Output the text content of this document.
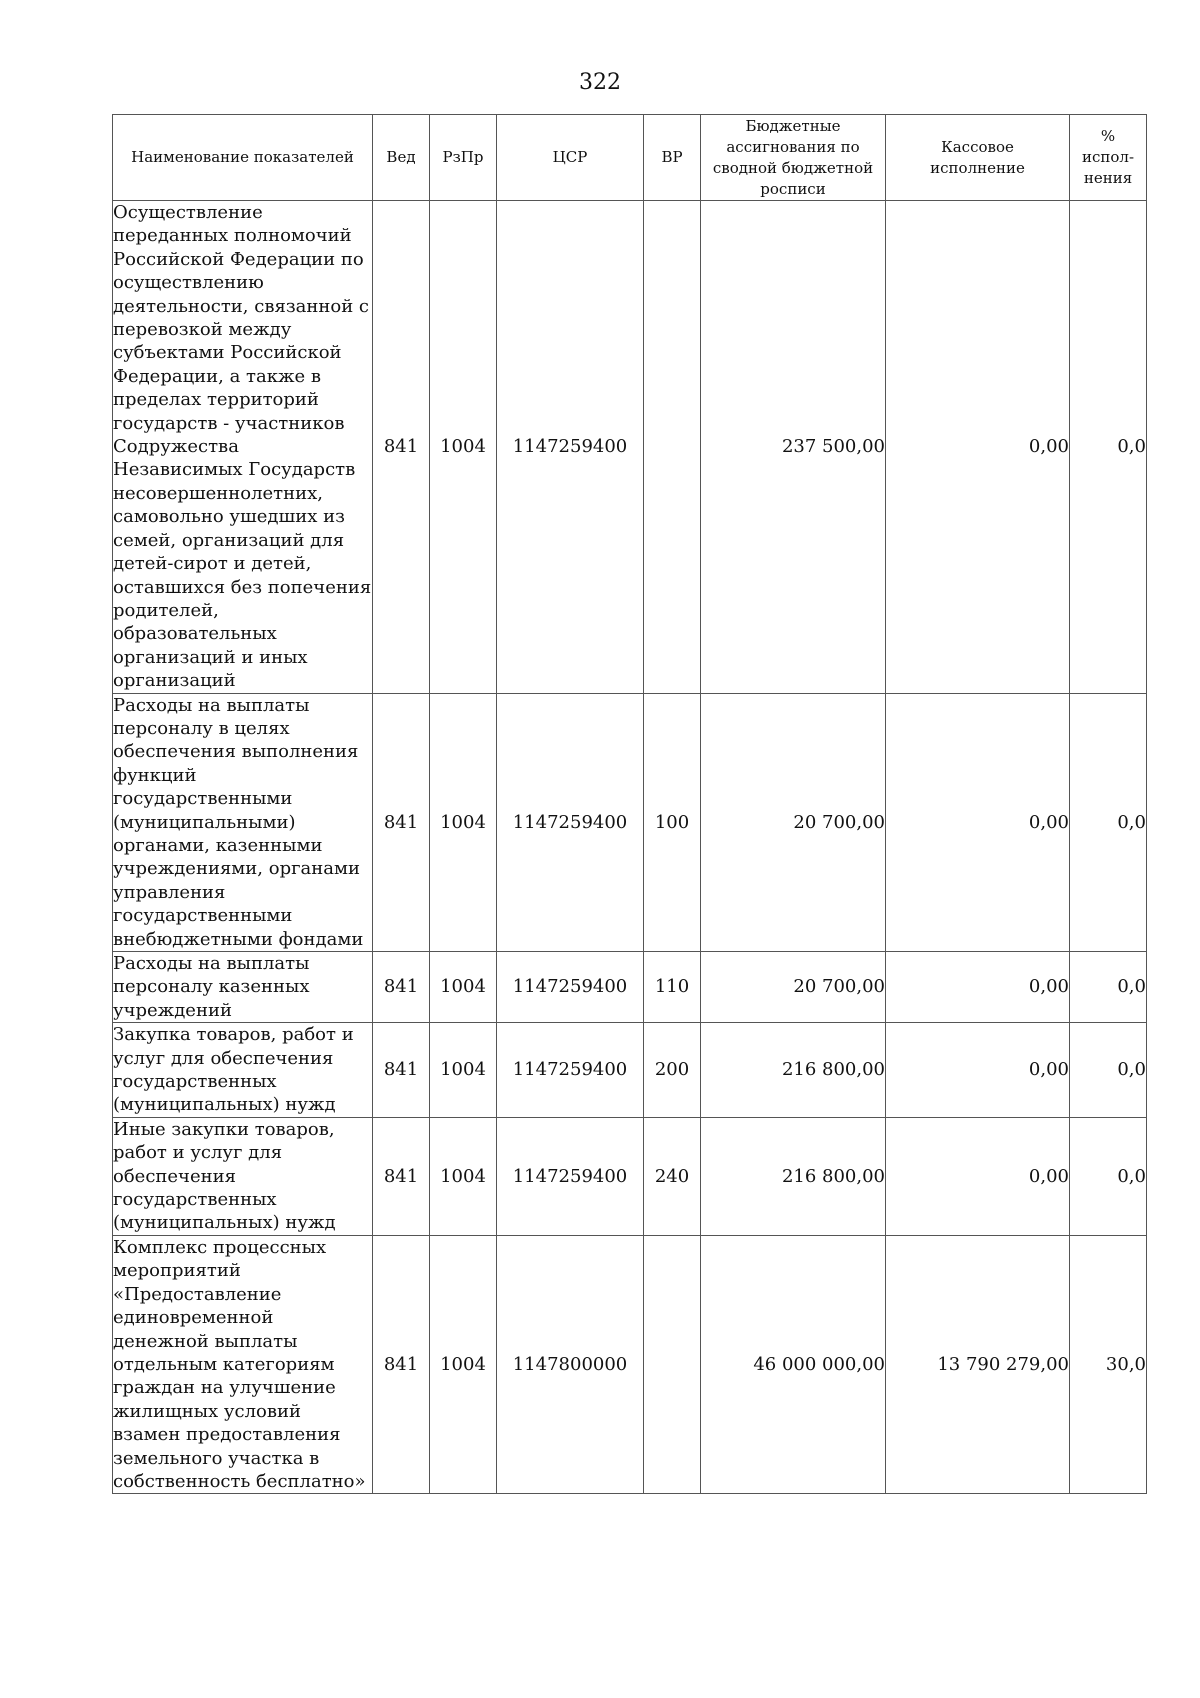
322
Наименование показателей	Вед	РзПр	ЦСР	ВР	Бюджетные ассигнования по сводной бюджетной росписи	Кассовое исполнение	% испол-нения
Осуществление переданных полномочий Российской Федерации по осуществлению деятельности, связанной с перевозкой между субъектами Российской Федерации, а также в пределах территорий государств - участников Содружества Независимых Государств несовершеннолетних, самовольно ушедших из семей, организаций для детей-сирот и детей, оставшихся без попечения родителей, образовательных организаций и иных организаций	841	1004	1147259400		237 500,00	0,00	0,0
Расходы на выплаты персоналу в целях обеспечения выполнения функций государственными (муниципальными) органами, казенными учреждениями, органами управления государственными внебюджетными фондами	841	1004	1147259400	100	20 700,00	0,00	0,0
Расходы на выплаты персоналу казенных учреждений	841	1004	1147259400	110	20 700,00	0,00	0,0
Закупка товаров, работ и услуг для обеспечения государственных (муниципальных) нужд	841	1004	1147259400	200	216 800,00	0,00	0,0
Иные закупки товаров, работ и услуг для обеспечения государственных (муниципальных) нужд	841	1004	1147259400	240	216 800,00	0,00	0,0
Комплекс процессных мероприятий «Предоставление единовременной денежной выплаты отдельным категориям граждан на улучшение жилищных условий взамен предоставления земельного участка в собственность бесплатно»	841	1004	1147800000		46 000 000,00	13 790 279,00	30,0
